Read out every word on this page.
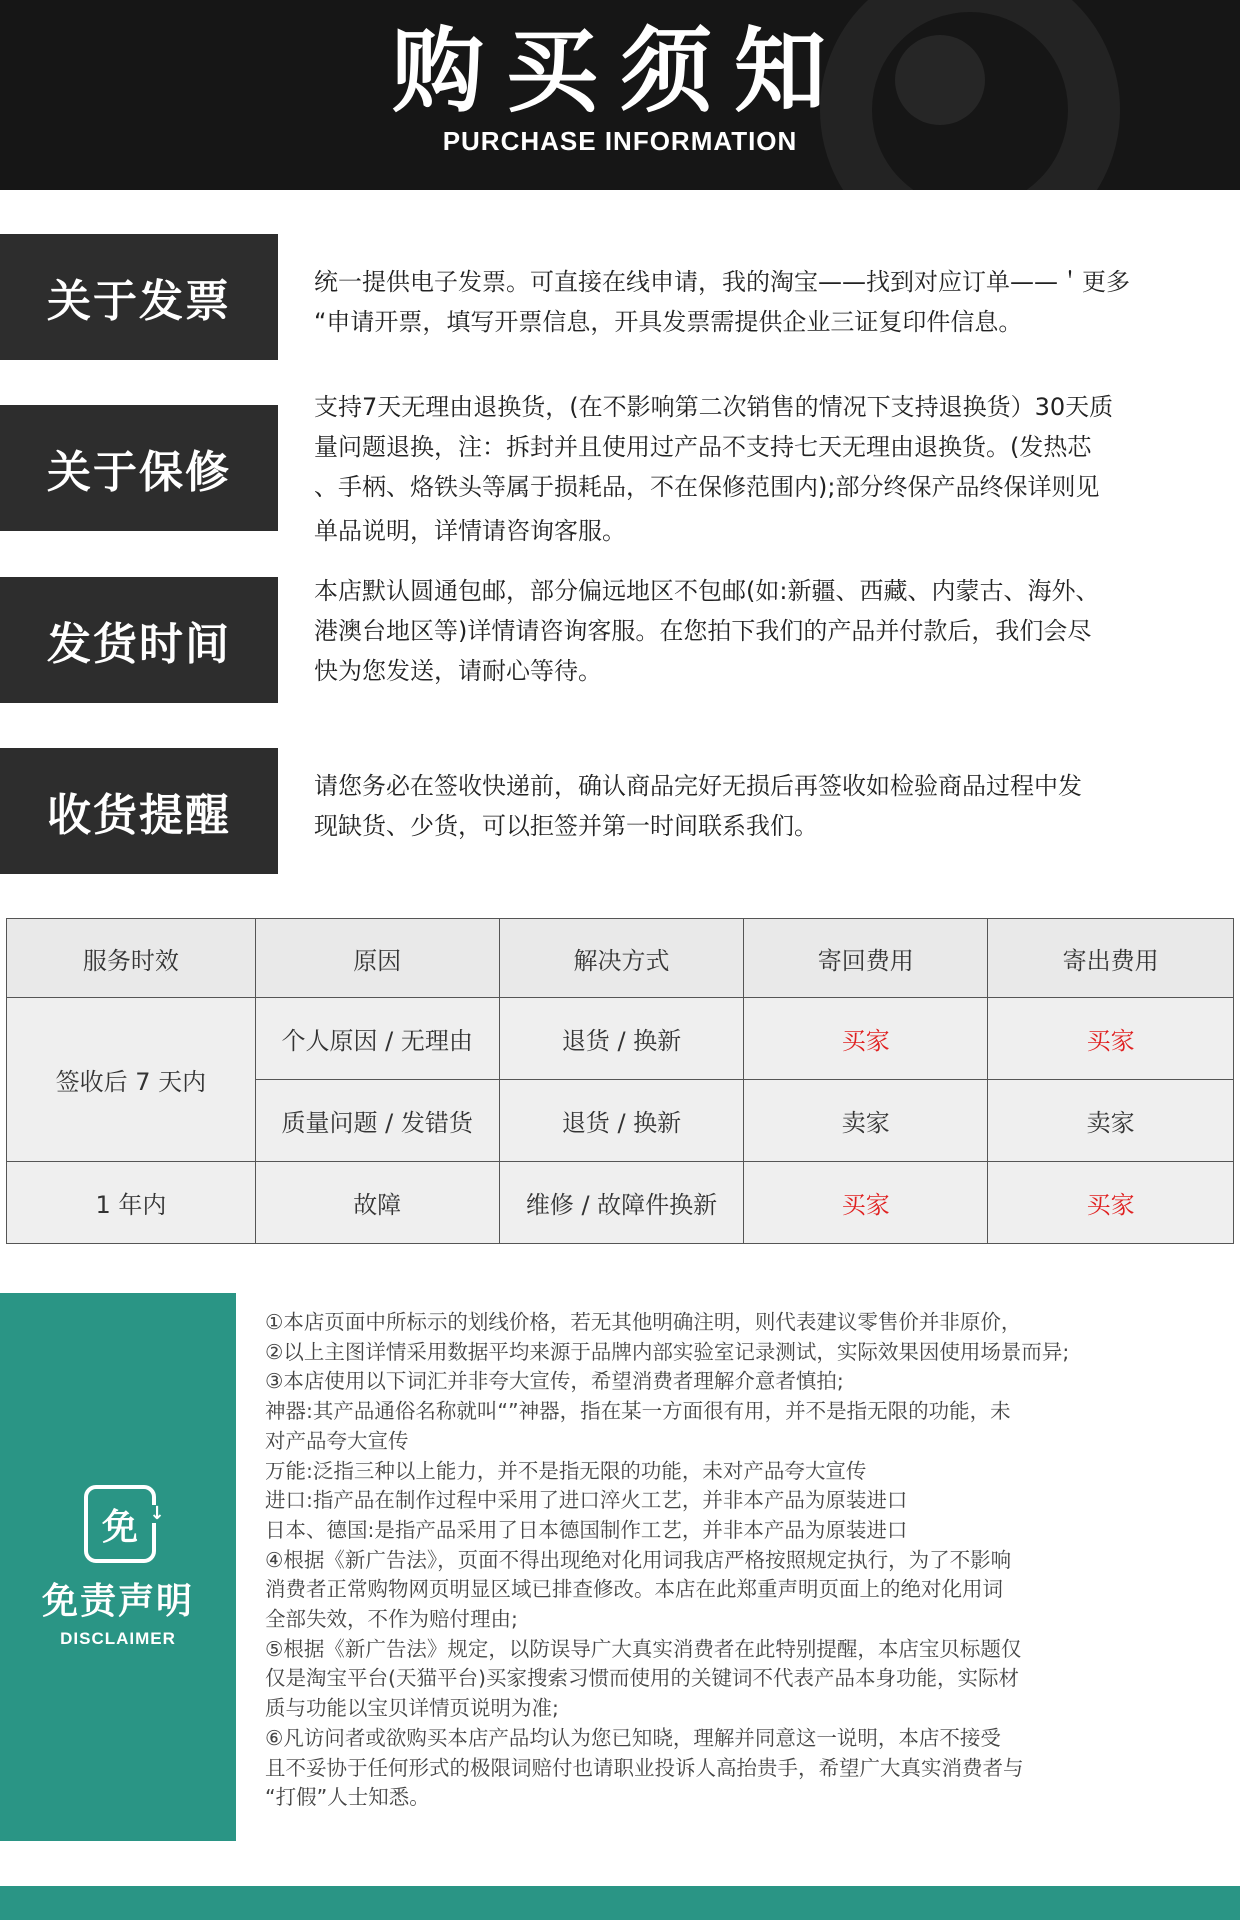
购买须知
PURCHASE INFORMATION
关于发票	统一提供电子发票。可直接在线申请，我的淘宝——找到对应订单——＇更多
“申请开票，填写开票信息，开具发票需提供企业三证复印件信息。
关于保修
支持7天无理由退换货，(在不影响第二次销售的情况下支持退换货）30天质
量问题退换，注：拆封并且使用过产品不支持七天无理由退换货。(发热芯
、手柄、烙铁头等属于损耗品，不在保修范围内);部分终保产品终保详则见
单品说明，详情请咨询客服。
发货时间
本店默认圆通包邮，部分偏远地区不包邮(如:新疆、西藏、内蒙古、海外、
港澳台地区等)详情请咨询客服。在您拍下我们的产品并付款后，我们会尽
快为您发送，请耐心等待。
收货提醒
请您务必在签收快递前，确认商品完好无损后再签收如检验商品过程中发
现缺货、少货，可以拒签并第一时间联系我们。
服务时效	原因	解决方式	寄回费用	寄出费用
签收后 7 天内	个人原因 / 无理由	退货 / 换新	买家	买家
	质量问题 / 发错货	退货 / 换新	卖家	卖家
1 年内	故障	维修 / 故障件换新	买家	买家
免 ↓
免责声明
DISCLAIMER
①本店页面中所标示的划线价格，若无其他明确注明，则代表建议零售价并非原价，
②以上主图详情采用数据平均来源于品牌内部实验室记录测试，实际效果因使用场景而异;
③本店使用以下词汇并非夸大宣传，希望消费者理解介意者慎拍;
神器:其产品通俗名称就叫“”神器，指在某一方面很有用，并不是指无限的功能，未
对产品夸大宣传
万能:泛指三种以上能力，并不是指无限的功能，未对产品夸大宣传
进口:指产品在制作过程中采用了进口淬火工艺，并非本产品为原装进口
日本、德国:是指产品采用了日本德国制作工艺，并非本产品为原装进口
④根据《新广告法》，页面不得出现绝对化用词我店严格按照规定执行，为了不影响
消费者正常购物网页明显区域已排查修改。本店在此郑重声明页面上的绝对化用词
全部失效，不作为赔付理由;
⑤根据《新广告法》规定，以防误导广大真实消费者在此特别提醒，本店宝贝标题仅
仅是淘宝平台(天猫平台)买家搜索习惯而使用的关键词不代表产品本身功能，实际材
质与功能以宝贝详情页说明为准;
⑥凡访问者或欲购买本店产品均认为您已知晓，理解并同意这一说明，本店不接受
且不妥协于任何形式的极限词赔付也请职业投诉人高抬贵手，希望广大真实消费者与
“打假”人士知悉。
